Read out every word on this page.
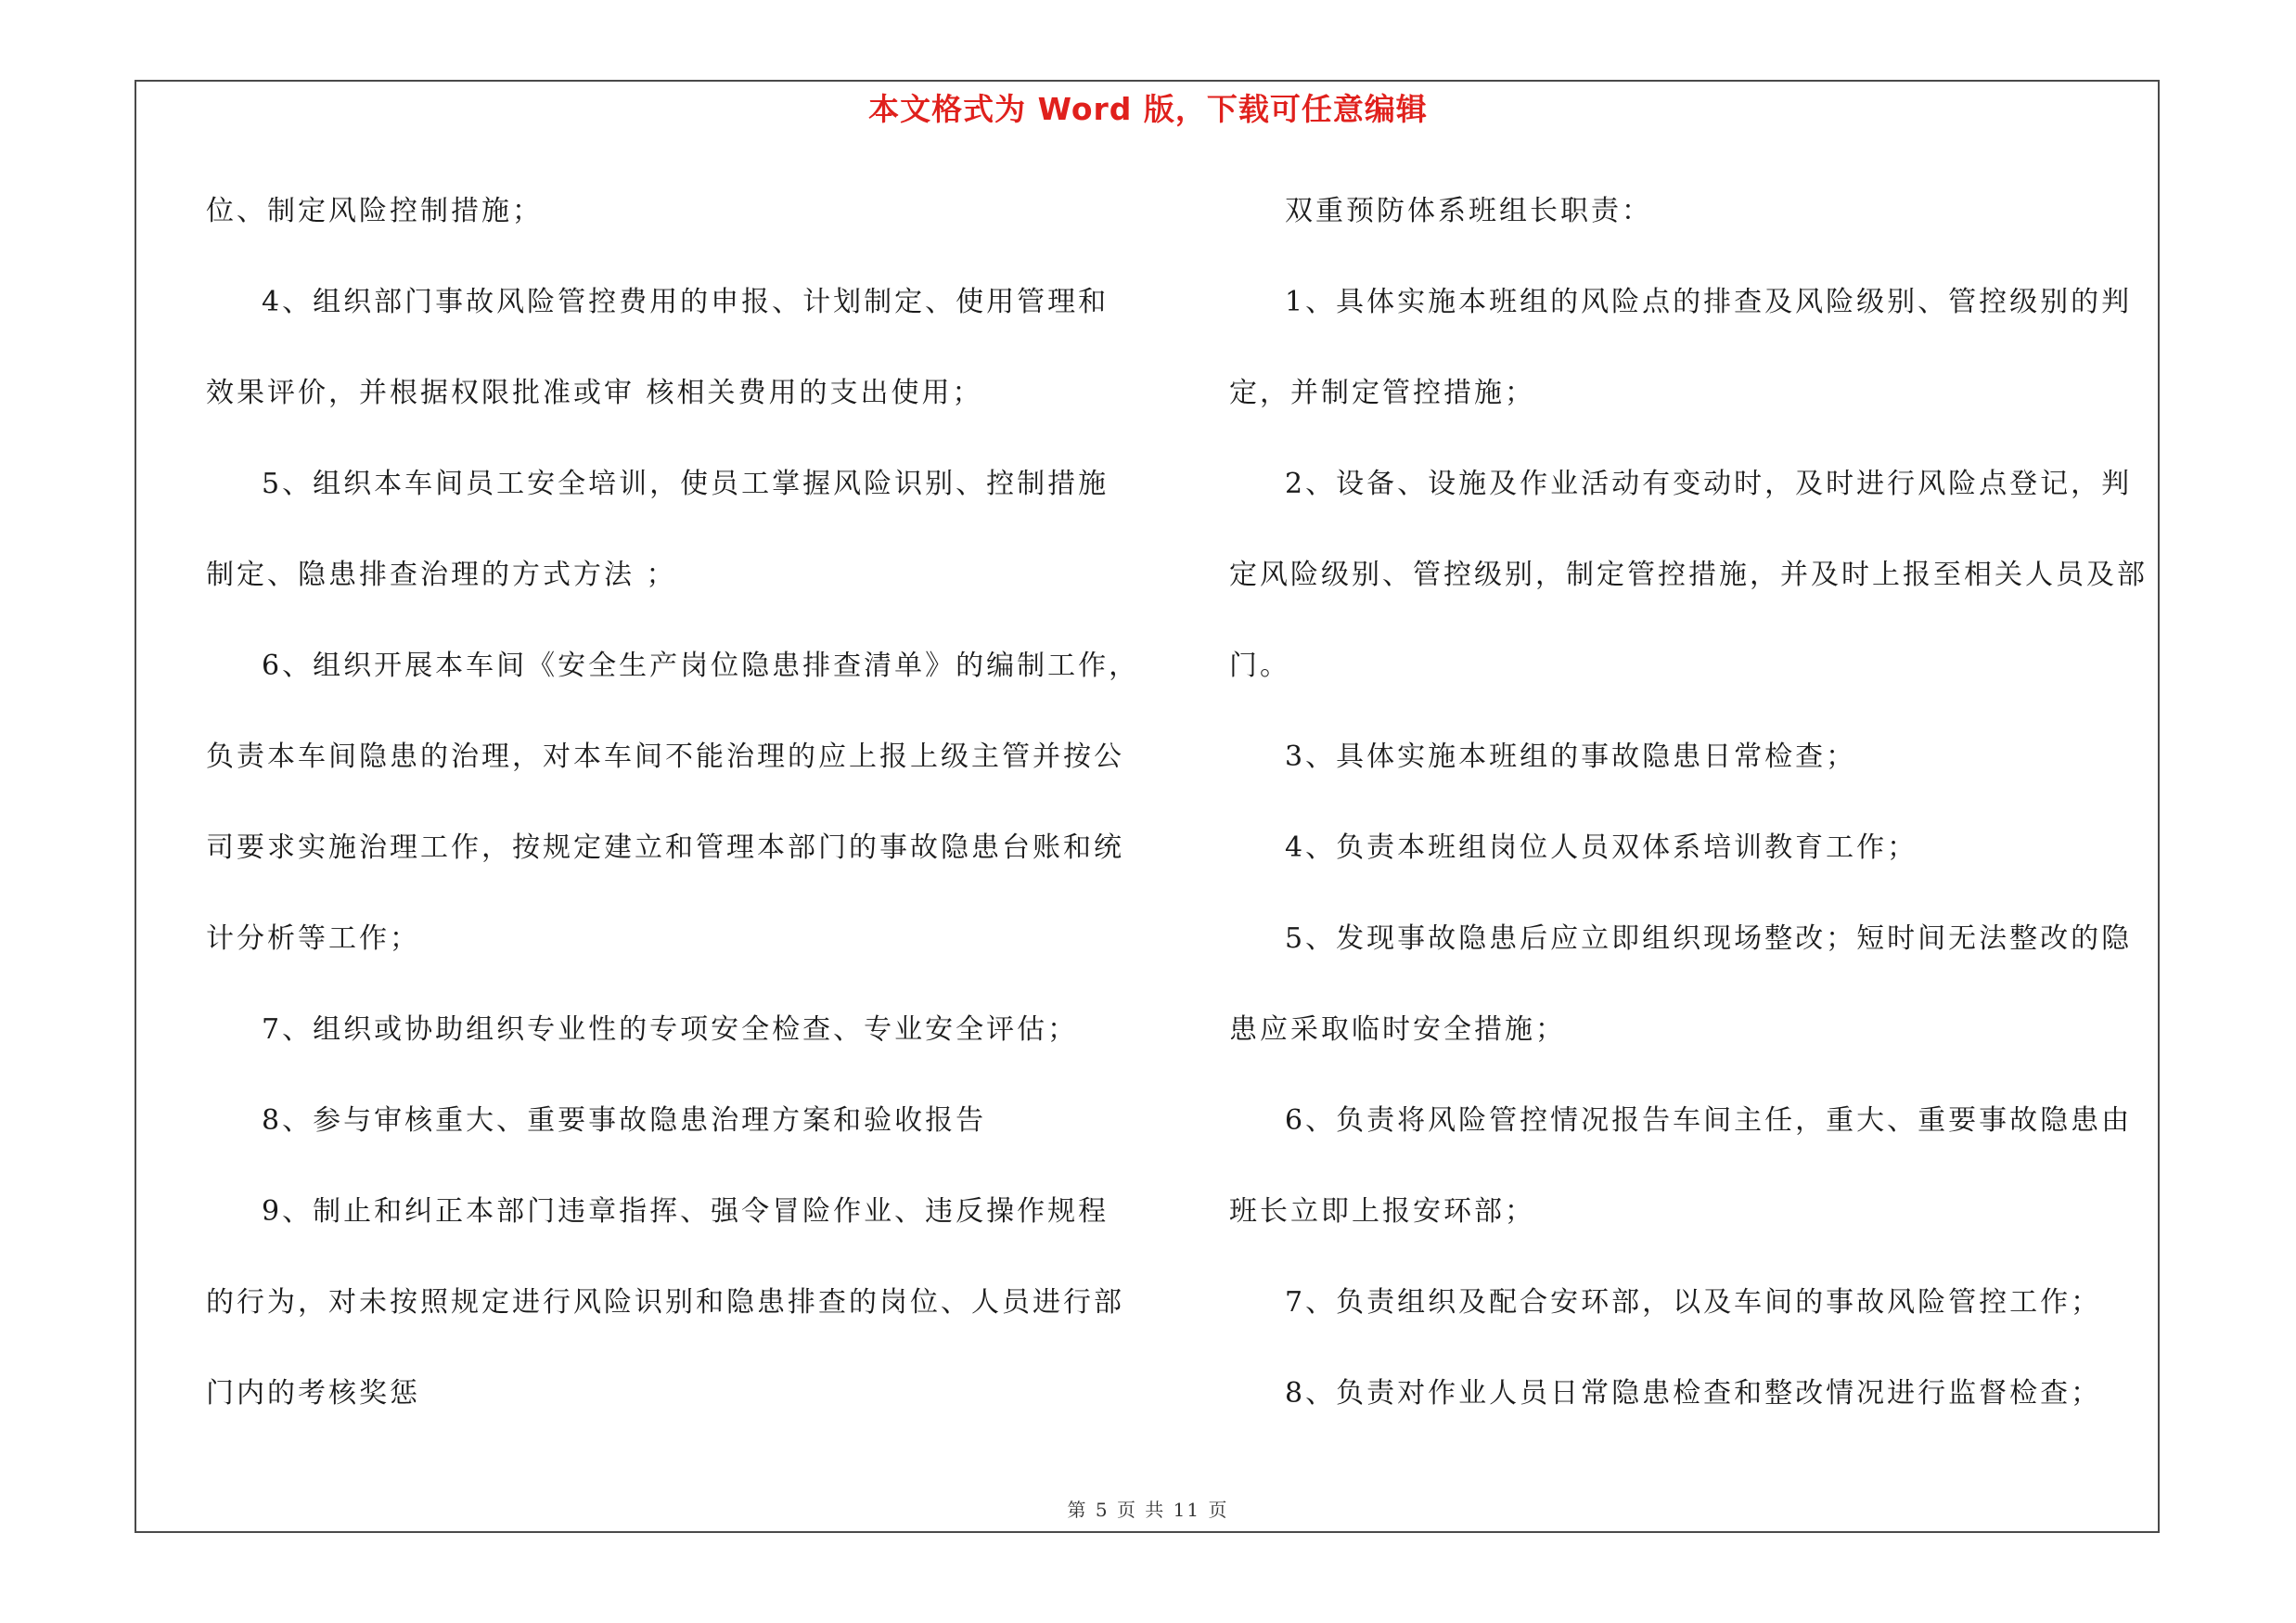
本文格式为 Word 版，下载可任意编辑
位、制定风险控制措施；
4、组织部门事故风险管控费用的申报、计划制定、使用管理和
效果评价，并根据权限批准或审 核相关费用的支出使用；
5、组织本车间员工安全培训，使员工掌握风险识别、控制措施
制定、隐患排查治理的方式方法 ；
6、组织开展本车间《安全生产岗位隐患排查清单》的编制工作，
负责本车间隐患的治理，对本车间不能治理的应上报上级主管并按公
司要求实施治理工作，按规定建立和管理本部门的事故隐患台账和统
计分析等工作；
7、组织或协助组织专业性的专项安全检查、专业安全评估；
8、参与审核重大、重要事故隐患治理方案和验收报告
9、制止和纠正本部门违章指挥、强令冒险作业、违反操作规程
的行为，对未按照规定进行风险识别和隐患排查的岗位、人员进行部
门内的考核奖惩
双重预防体系班组长职责：
1、具体实施本班组的风险点的排查及风险级别、管控级别的判
定，并制定管控措施；
2、设备、设施及作业活动有变动时，及时进行风险点登记，判
定风险级别、管控级别，制定管控措施，并及时上报至相关人员及部
门。
3、具体实施本班组的事故隐患日常检查；
4、负责本班组岗位人员双体系培训教育工作；
5、发现事故隐患后应立即组织现场整改；短时间无法整改的隐
患应采取临时安全措施；
6、负责将风险管控情况报告车间主任，重大、重要事故隐患由
班长立即上报安环部；
7、负责组织及配合安环部，以及车间的事故风险管控工作；
8、负责对作业人员日常隐患检查和整改情况进行监督检查；
第 5 页 共 11 页
